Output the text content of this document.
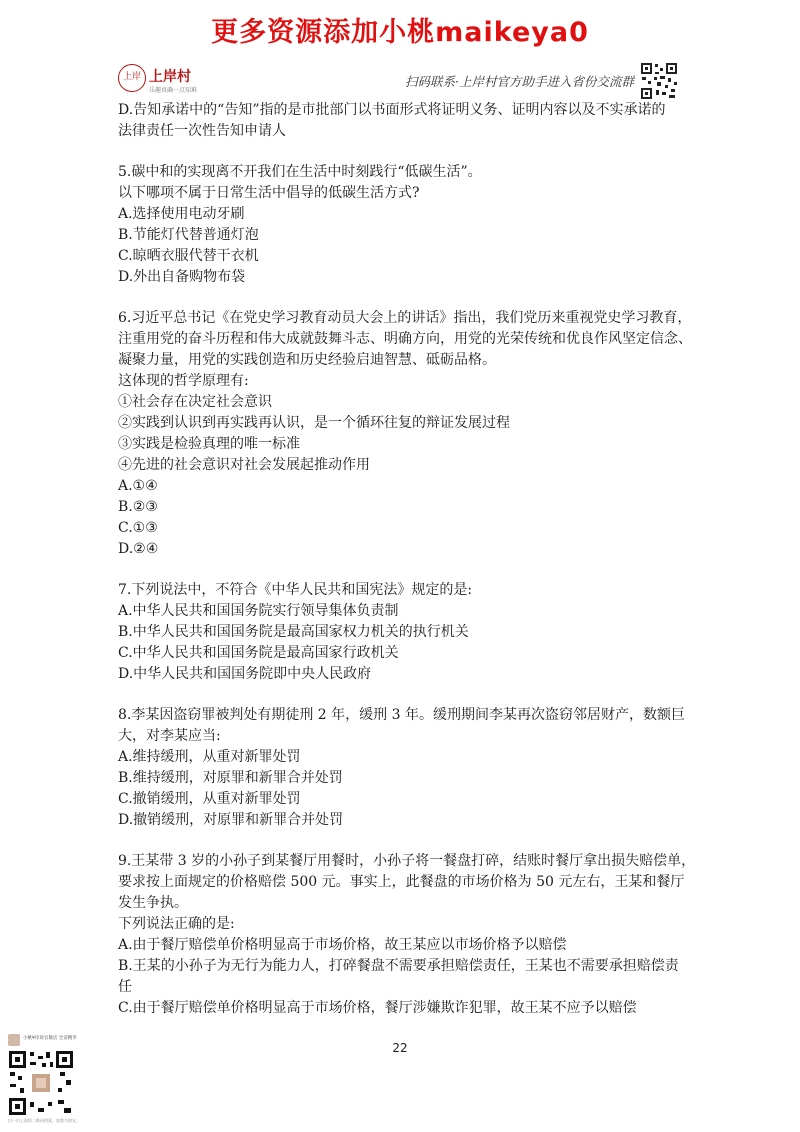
更多资源添加小桃maikeya0
上岸 上岸村
乐趣真确一点知难
扫码联系·上岸村官方助手进入省份交流群
D.告知承诺中的“告知”指的是市批部门以书面形式将证明义务、证明内容以及不实承诺的
法律责任一次性告知申请人
5.碳中和的实现离不开我们在生活中时刻践行“低碳生活”。
以下哪项不属于日常生活中倡导的低碳生活方式?
A.选择使用电动牙刷
B.节能灯代替普通灯泡
C.晾晒衣服代替干衣机
D.外出自备购物布袋
6.习近平总书记《在党史学习教育动员大会上的讲话》指出，我们党历来重视党史学习教育，
注重用党的奋斗历程和伟大成就鼓舞斗志、明确方向，用党的光荣传统和优良作风坚定信念、
凝聚力量，用党的实践创造和历史经验启迪智慧、砥砺品格。
这体现的哲学原理有:
①社会存在决定社会意识
②实践到认识到再实践再认识，是一个循环往复的辩证发展过程
③实践是检验真理的唯一标准
④先进的社会意识对社会发展起推动作用
A.①④
B.②③
C.①③
D.②④
7.下列说法中，不符合《中华人民共和国宪法》规定的是:
A.中华人民共和国国务院实行领导集体负责制
B.中华人民共和国国务院是最高国家权力机关的执行机关
C.中华人民共和国国务院是最高国家行政机关
D.中华人民共和国国务院即中央人民政府
8.李某因盗窃罪被判处有期徒刑 2 年，缓刑 3 年。缓刑期间李某再次盗窃邻居财产，数额巨
大，对李某应当:
A.维持缓刑，从重对新罪处罚
B.维持缓刑，对原罪和新罪合并处罚
C.撤销缓刑，从重对新罪处罚
D.撤销缓刑，对原罪和新罪合并处罚
9.王某带 3 岁的小孙子到某餐厅用餐时，小孙子将一餐盘打碎，结账时餐厅拿出损失赔偿单，
要求按上面规定的价格赔偿 500 元。事实上，此餐盘的市场价格为 50 元左右，王某和餐厅
发生争执。
下列说法正确的是:
A.由于餐厅赔偿单价格明显高于市场价格，故王某应以市场价格予以赔偿
B.王某的小孙子为无行为能力人，打碎餐盘不需要承担赔偿责任，王某也不需要承担赔偿责
任
C.由于餐厅赔偿单价格明显高于市场价格，餐厅涉嫌欺诈犯罪，故王某不应予以赔偿
22
小桃¥岸说官微店 全省精华
扫一扫上面的二维码图案，加我为朋友。
